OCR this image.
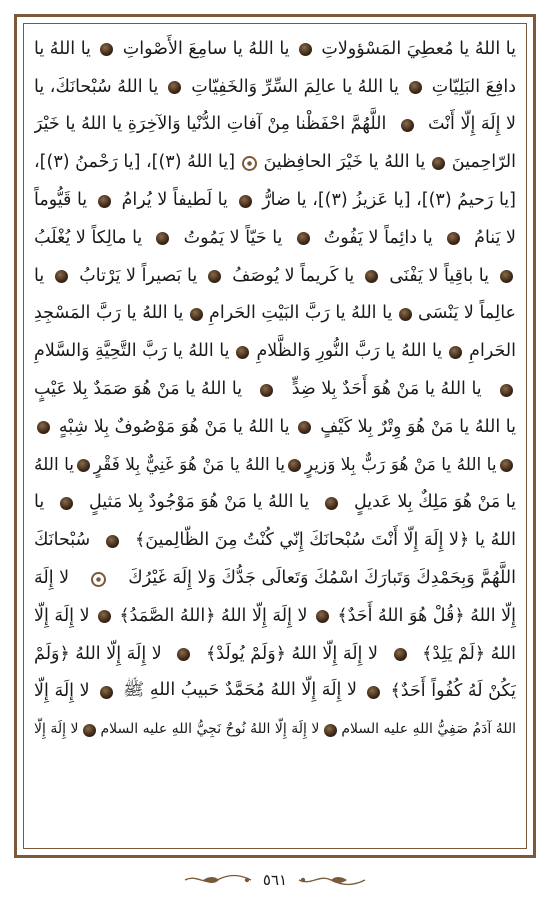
يا اللهُ يا مُعطِيَ المَسْؤولاتِ
يا اللهُ يا سامِعَ الأَصْواتِ
يا اللهُ يا
دافِعَ البَلِيّاتِ
يا اللهُ يا عالِمَ السِّرِّ وَالخَفِيّاتِ
يا اللهُ سُبْحانَكَ، يا
لا إِلَهَ إِلّا أَنْتَ
اللَّهُمَّ احْفَظْنا مِنْ آفاتِ الدُّنْيا وَالآخِرَةِ يا اللهُ يا خَيْرَ
الرّاحِمينَ
يا اللهُ يا خَيْرَ الحافِظينَ
[يا اللهُ (٣)]، [يا رَحْمنُ (٣)]،
[يا رَحيمُ (٣)]، [يا عَزيزُ (٣)]، يا ضارُّ
يا لَطيفاً لا يُرامُ
يا قَيُّوماً
لا يَنامُ
يا دائِماً لا يَفُوتُ
يا حَيّاً لا يَمُوتُ
يا مالِكاً لا يُغْلَبُ
يا باقِياً لا يَفْنَى
يا كَريماً لا يُوصَفُ
يا بَصيراً لا يَرْتابُ
يا
عالِماً لا يَنْسَى
يا اللهُ يا رَبَّ البَيْتِ الحَرامِ
يا اللهُ يا رَبَّ المَسْجِدِ
الحَرامِ
يا اللهُ يا رَبَّ النُّورِ وَالظَّلامِ
يا اللهُ يا رَبَّ التَّحِيَّةِ وَالسَّلامِ
يا اللهُ يا مَنْ هُوَ أَحَدٌ بِلا ضِدٍّ
يا اللهُ يا مَنْ هُوَ صَمَدٌ بِلا عَيْبٍ
يا اللهُ يا مَنْ هُوَ وِتْرٌ بِلا كَيْفٍ
يا اللهُ يا مَنْ هُوَ مَوْصُوفٌ بِلا شِبْهٍ
يا اللهُ يا مَنْ هُوَ رَبٌّ بِلا وَزيرٍ
يا اللهُ يا مَنْ هُوَ غَنِيٌّ بِلا فَقْرٍ
يا اللهُ
يا مَنْ هُوَ مَلِكٌ بِلا عَديلٍ
يا اللهُ يا مَنْ هُوَ مَوْجُودٌ بِلا مَثيلٍ
يا
اللهُ يا ﴿لا إِلَهَ إِلّا أَنْتَ سُبْحانَكَ إِنّي كُنْتُ مِنَ الظّالِمينَ﴾
سُبْحانَكَ
اللَّهُمَّ وَبِحَمْدِكَ وَتَبارَكَ اسْمُكَ وَتَعالَى جَدُّكَ وَلا إِلَهَ غَيْرُكَ
لا إِلَهَ
إِلّا اللهُ ﴿قُلْ هُوَ اللهُ أَحَدٌ﴾
لا إِلَهَ إِلّا اللهُ ﴿اللهُ الصَّمَدُ﴾
لا إِلَهَ إِلّا
اللهُ ﴿لَمْ يَلِدْ﴾
لا إِلَهَ إِلّا اللهُ ﴿وَلَمْ يُولَدْ﴾
لا إِلَهَ إِلّا اللهُ ﴿وَلَمْ
يَكُنْ لَهُ كُفُواً أَحَدٌ﴾
لا إِلَهَ إِلّا اللهُ مُحَمَّدٌ حَبيبُ اللهِ ﷺ
لا إِلَهَ إِلّا
اللهُ آدَمُ صَفِيُّ اللهِ عليه السلام
لا إِلَهَ إِلّا اللهُ نُوحٌ نَجِيُّ اللهِ عليه السلام
لا إِلَهَ إِلّا
٥٦١
